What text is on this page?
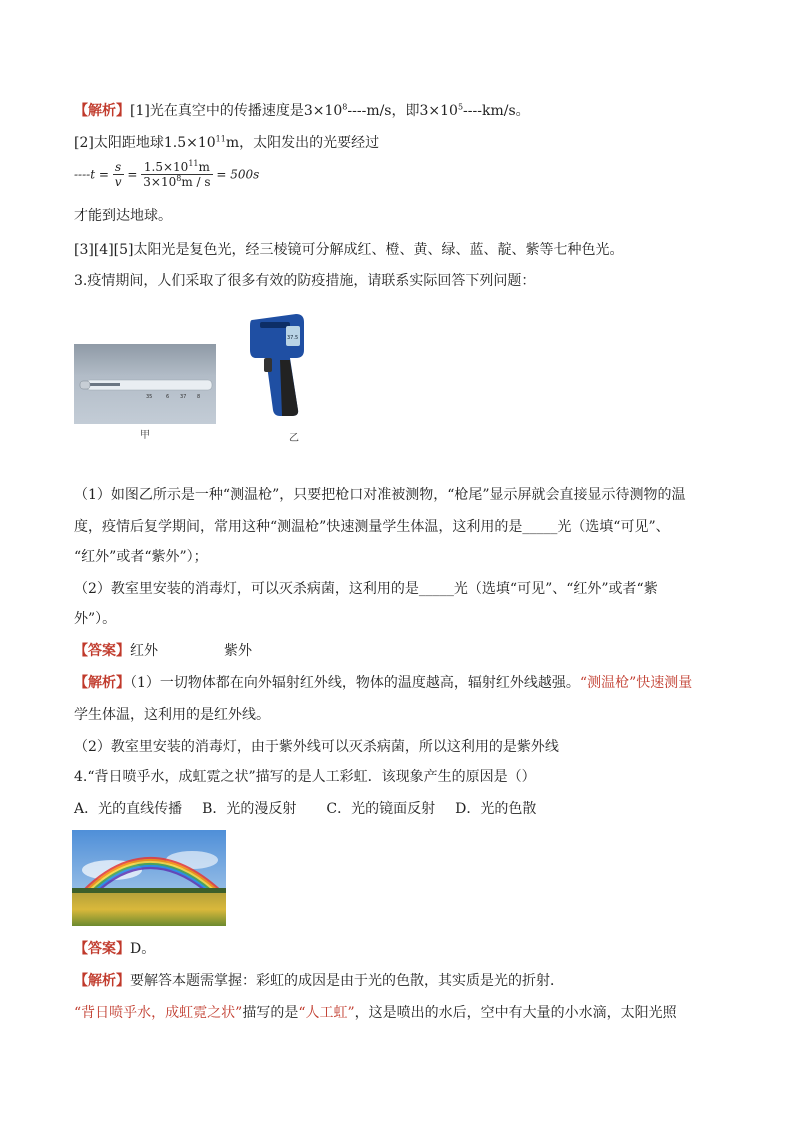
【解析】[1]光在真空中的传播速度是$3\times 10^8----m/s$，即$3\times 10^5----km/s$。
[2]太阳距地球$1.5\times 10^{11}m$，太阳发出的光要经过
$----t = \frac{s}{v} = \frac{1.5\times 10^{11}m}{3\times 10^8m / s} = 500s$
才能到达地球。
[3][4][5]太阳光是复色光，经三棱镜可分解成红、橙、黄、绿、蓝、靛、紫等七种色光。
3.疫情期间，人们采取了很多有效的防疫措施，请联系实际回答下列问题：
35	6 37 8
甲
37.5
乙
（1）如图乙所示是一种“测温枪”，只要把枪口对准被测物，“枪尾”显示屏就会直接显示待测物的温
度，疫情后复学期间，常用这种“测温枪”快速测量学生体温，这利用的是_____光（选填“可见”、
“红外”或者“紫外”）；
（2）教室里安装的消毒灯，可以灭杀病菌，这利用的是_____光（选填“可见”、“红外”或者“紫
外”）。
【答案】红外	紫外
【解析】（1）一切物体都在向外辐射红外线，物体的温度越高，辐射红外线越强。“测温枪”快速测量
学生体温，这利用的是红外线。
（2）教室里安装的消毒灯，由于紫外线可以灭杀病菌，所以这利用的是紫外线
4.“背日喷乎水，成虹霓之状”描写的是人工彩虹．该现象产生的原因是（）
A．光的直线传播 B．光的漫反射 C．光的镜面反射 D．光的色散
【答案】D。
【解析】要解答本题需掌握：彩虹的成因是由于光的色散，其实质是光的折射．
“背日喷乎水，成虹霓之状”描写的是“人工虹”，这是喷出的水后，空中有大量的小水滴，太阳光照
